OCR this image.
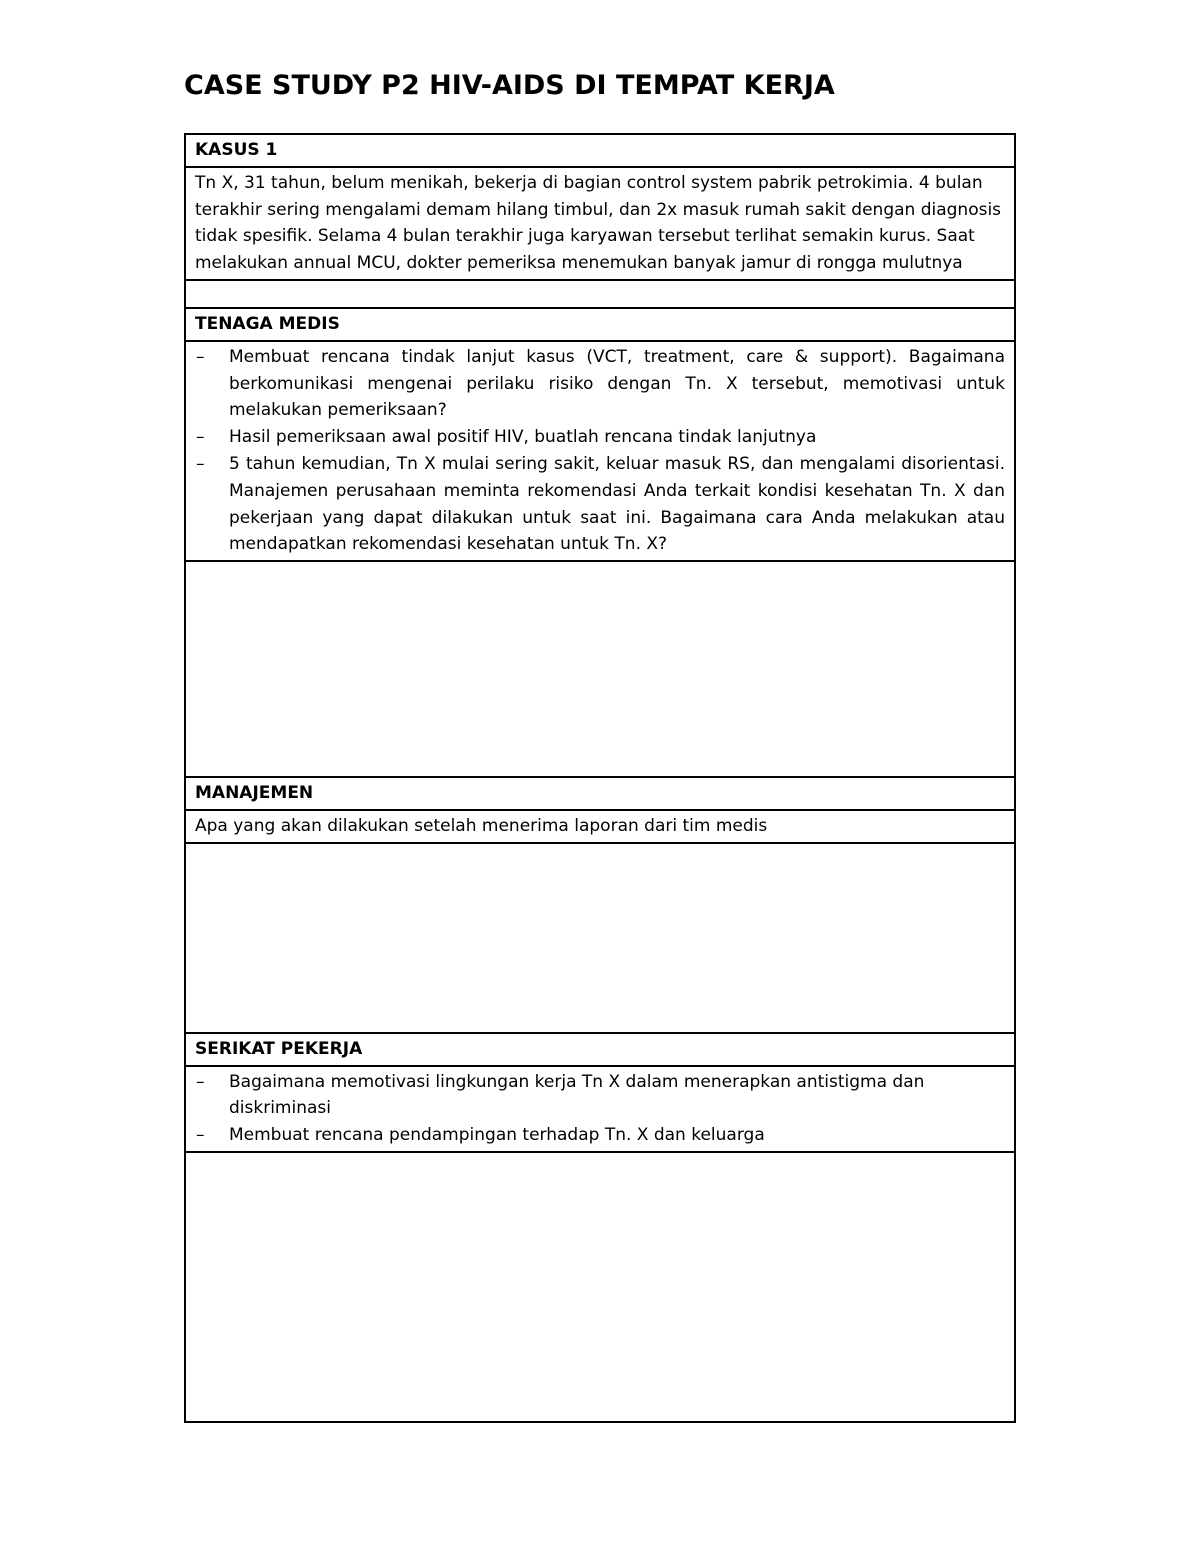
CASE STUDY P2 HIV-AIDS DI TEMPAT KERJA
KASUS 1
Tn X, 31 tahun, belum menikah, bekerja di bagian control system pabrik petrokimia. 4 bulan terakhir sering mengalami demam hilang timbul, dan 2x masuk rumah sakit dengan diagnosis tidak spesifik. Selama 4 bulan terakhir juga karyawan tersebut terlihat semakin kurus. Saat melakukan annual MCU, dokter pemeriksa menemukan banyak jamur di rongga mulutnya

TENAGA MEDIS

– Membuat rencana tindak lanjut kasus (VCT, treatment, care & support). Bagaimana berkomunikasi mengenai perilaku risiko dengan Tn. X tersebut, memotivasi untuk melakukan pemeriksaan?
– Hasil pemeriksaan awal positif HIV, buatlah rencana tindak lanjutnya
– 5 tahun kemudian, Tn X mulai sering sakit, keluar masuk RS, dan mengalami disorientasi. Manajemen perusahaan meminta rekomendasi Anda terkait kondisi kesehatan Tn. X dan pekerjaan yang dapat dilakukan untuk saat ini. Bagaimana cara Anda melakukan atau mendapatkan rekomendasi kesehatan untuk Tn. X?

MANAJEMEN
Apa yang akan dilakukan setelah menerima laporan dari tim medis

SERIKAT PEKERJA

– Bagaimana memotivasi lingkungan kerja Tn X dalam menerapkan antistigma dan diskriminasi
– Membuat rencana pendampingan terhadap Tn. X dan keluarga
